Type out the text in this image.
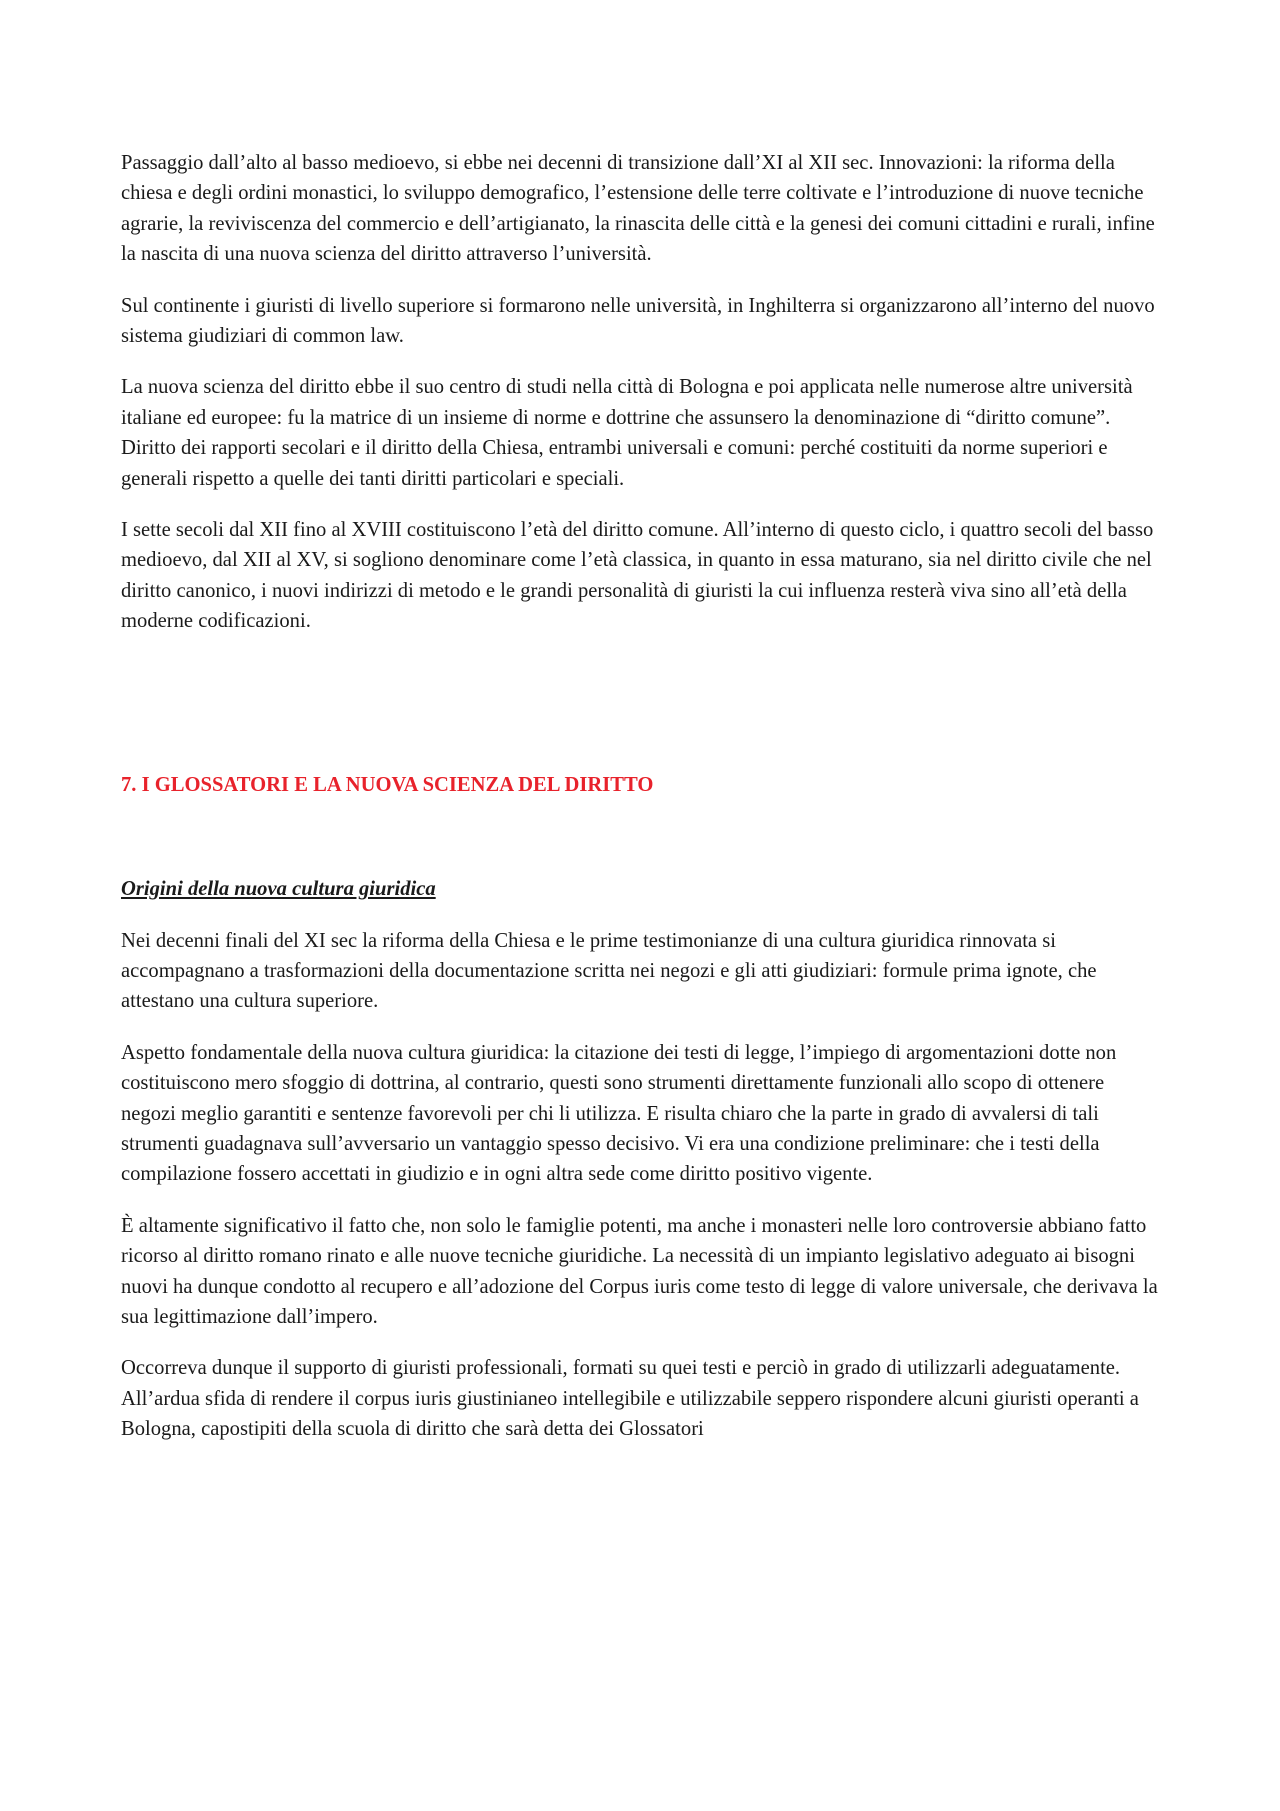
Passaggio dall’alto al basso medioevo, si ebbe nei decenni di transizione dall’XI al XII sec. Innovazioni: la riforma della chiesa e degli ordini monastici, lo sviluppo demografico, l’estensione delle terre coltivate e l’introduzione di nuove tecniche agrarie, la reviviscenza del commercio e dell’artigianato, la rinascita delle città e la genesi dei comuni cittadini e rurali, infine la nascita di una nuova scienza del diritto attraverso l’università.

Sul continente i giuristi di livello superiore si formarono nelle università, in Inghilterra si organizzarono all’interno del nuovo sistema giudiziari di common law.

La nuova scienza del diritto ebbe il suo centro di studi nella città di Bologna e poi applicata nelle numerose altre università italiane ed europee: fu la matrice di un insieme di norme e dottrine che assunsero la denominazione di “diritto comune”. Diritto dei rapporti secolari e il diritto della Chiesa, entrambi universali e comuni: perché costituiti da norme superiori e generali rispetto a quelle dei tanti diritti particolari e speciali.

I sette secoli dal XII fino al XVIII costituiscono l’età del diritto comune. All’interno di questo ciclo, i quattro secoli del basso medioevo, dal XII al XV, si sogliono denominare come l’età classica, in quanto in essa maturano, sia nel diritto civile che nel diritto canonico, i nuovi indirizzi di metodo e le grandi personalità di giuristi la cui influenza resterà viva sino all’età della moderne codificazioni.

7. I GLOSSATORI E LA NUOVA SCIENZA DEL DIRITTO

Origini della nuova cultura giuridica

Nei decenni finali del XI sec la riforma della Chiesa e le prime testimonianze di una cultura giuridica rinnovata si accompagnano a trasformazioni della documentazione scritta nei negozi e gli atti giudiziari: formule prima ignote, che attestano una cultura superiore.

Aspetto fondamentale della nuova cultura giuridica: la citazione dei testi di legge, l’impiego di argomentazioni dotte non costituiscono mero sfoggio di dottrina, al contrario, questi sono strumenti direttamente funzionali allo scopo di ottenere negozi meglio garantiti e sentenze favorevoli per chi li utilizza. E risulta chiaro che la parte in grado di avvalersi di tali strumenti guadagnava sull’avversario un vantaggio spesso decisivo. Vi era una condizione preliminare: che i testi della compilazione fossero accettati in giudizio e in ogni altra sede come diritto positivo vigente.

È altamente significativo il fatto che, non solo le famiglie potenti, ma anche i monasteri nelle loro controversie abbiano fatto ricorso al diritto romano rinato e alle nuove tecniche giuridiche. La necessità di un impianto legislativo adeguato ai bisogni nuovi ha dunque condotto al recupero e all’adozione del Corpus iuris come testo di legge di valore universale, che derivava la sua legittimazione dall’impero.

Occorreva dunque il supporto di giuristi professionali, formati su quei testi e perciò in grado di utilizzarli adeguatamente. All’ardua sfida di rendere il corpus iuris giustinianeo intellegibile e utilizzabile seppero rispondere alcuni giuristi operanti a Bologna, capostipiti della scuola di diritto che sarà detta dei Glossatori
